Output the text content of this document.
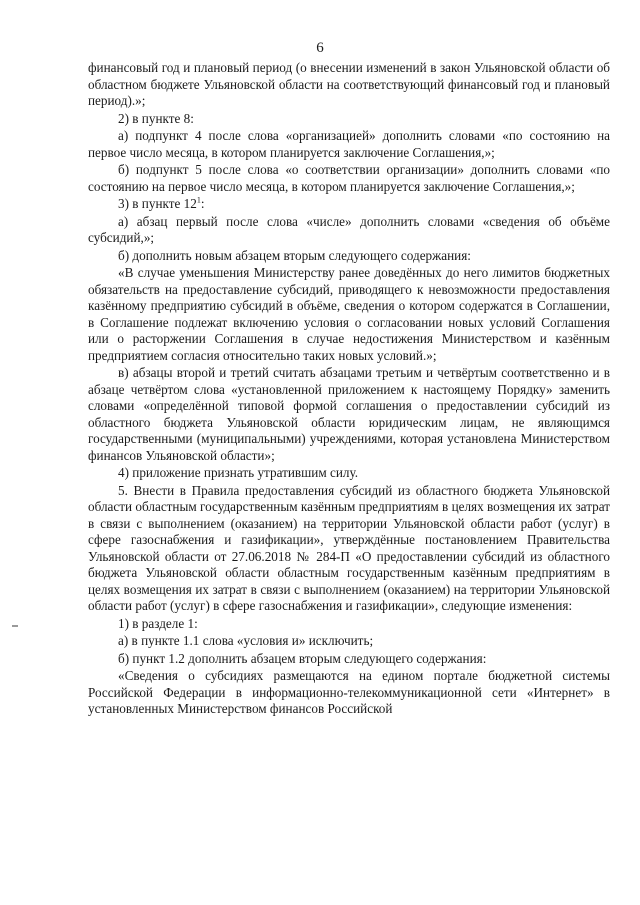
6

финансовый год и плановый период (о внесении изменений в закон Ульяновской области об областном бюджете Ульяновской области на соответствующий финансовый год и плановый период).»;

2) в пункте 8:

а) подпункт 4 после слова «организацией» дополнить словами «по состоянию на первое число месяца, в котором планируется заключение Соглашения,»;

б) подпункт 5 после слова «о соответствии организации» дополнить словами «по состоянию на первое число месяца, в котором планируется заключение Соглашения,»;

3) в пункте $12^1$:

а) абзац первый после слова «числе» дополнить словами «сведения об объёме субсидий,»;

б) дополнить новым абзацем вторым следующего содержания:

«В случае уменьшения Министерству ранее доведённых до него лимитов бюджетных обязательств на предоставление субсидий, приводящего к невозможности предоставления казённому предприятию субсидий в объёме, сведения о котором содержатся в Соглашении, в Соглашение подлежат включению условия о согласовании новых условий Соглашения или о расторжении Соглашения в случае недостижения Министерством и казённым предприятием согласия относительно таких новых условий.»;

в) абзацы второй и третий считать абзацами третьим и четвёртым соответственно и в абзаце четвёртом слова «установленной приложением к настоящему Порядку» заменить словами «определённой типовой формой соглашения о предоставлении субсидий из областного бюджета Ульяновской области юридическим лицам, не являющимся государственными (муниципальными) учреждениями, которая установлена Министерством финансов Ульяновской области»;

4) приложение признать утратившим силу.

5. Внести в Правила предоставления субсидий из областного бюджета Ульяновской области областным государственным казённым предприятиям в целях возмещения их затрат в связи с выполнением (оказанием) на территории Ульяновской области работ (услуг) в сфере газоснабжения и газификации», утверждённые постановлением Правительства Ульяновской области от 27.06.2018 № 284-П «О предоставлении субсидий из областного бюджета Ульяновской области областным государственным казённым предприятиям в целях возмещения их затрат в связи с выполнением (оказанием) на территории Ульяновской области работ (услуг) в сфере газоснабжения и газификации», следующие изменения:

1) в разделе 1:

а) в пункте 1.1 слова «условия и» исключить;

б) пункт 1.2 дополнить абзацем вторым следующего содержания:

«Сведения о субсидиях размещаются на едином портале бюджетной системы Российской Федерации в информационно-телекоммуникационной сети «Интернет» в установленных Министерством финансов Российской
